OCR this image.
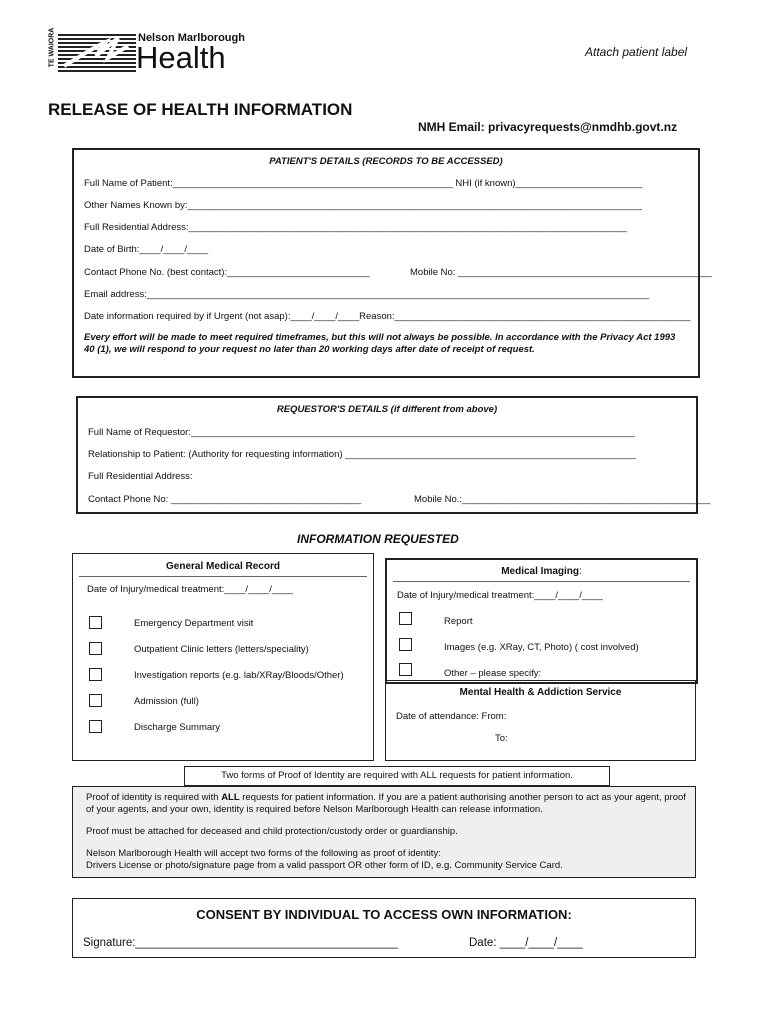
TE WAIORA	Nelson Marlborough
Health	Attach patient label
RELEASE OF HEALTH INFORMATION
NMH Email: privacyrequests@nmdhb.govt.nz
PATIENT'S DETAILS (RECORDS TO BE ACCESSED)
Full Name of Patient:_____________________________________________________ NHI (if known)________________________
Other Names Known by:______________________________________________________________________________________
Full Residential Address:___________________________________________________________________________________
Date of Birth:____/____/____
Contact Phone No. (best contact):___________________________	Mobile No: ________________________________________________
Email address:_______________________________________________________________________________________________
Date information required by if Urgent (not asap):____/____/____Reason:________________________________________________________
Every effort will be made to meet required timeframes, but this will not always be possible. In accordance with the Privacy Act 1993 40 (1), we will respond to your request no later than 20 working days after date of receipt of request.
REQUESTOR'S DETAILS (if different from above)
Full Name of Requestor:____________________________________________________________________________________
Relationship to Patient: (Authority for requesting information) _______________________________________________________
Full Residential Address:
Contact Phone No: ____________________________________	Mobile No.:_______________________________________________
INFORMATION REQUESTED
General Medical Record
Date of Injury/medical treatment:____/____/____
Emergency Department visit
Outpatient Clinic letters (letters/speciality)
Investigation reports (e.g. lab/XRay/Bloods/Other)
Admission (full)
Discharge Summary
Medical Imaging:
Date of Injury/medical treatment:____/____/____
Report
Images (e.g. XRay, CT, Photo) ( cost involved)
Other – please specify:
Mental Health & Addiction Service
Date of attendance: From:
To:
Two forms of Proof of Identity are required with ALL requests for patient information.
Proof of identity is required with ALL requests for patient information. If you are a patient authorising another person to act as your agent, proof of your agents, and your own, identity is required before Nelson Marlborough Health can release information.
Proof must be attached for deceased and child protection/custody order or guardianship.
Nelson Marlborough Health will accept two forms of the following as proof of identity:
Drivers License or photo/signature page from a valid passport OR other form of ID, e.g. Community Service Card.
CONSENT BY INDIVIDUAL TO ACCESS OWN INFORMATION:
Signature:_________________________________________	Date: ____/____/____
